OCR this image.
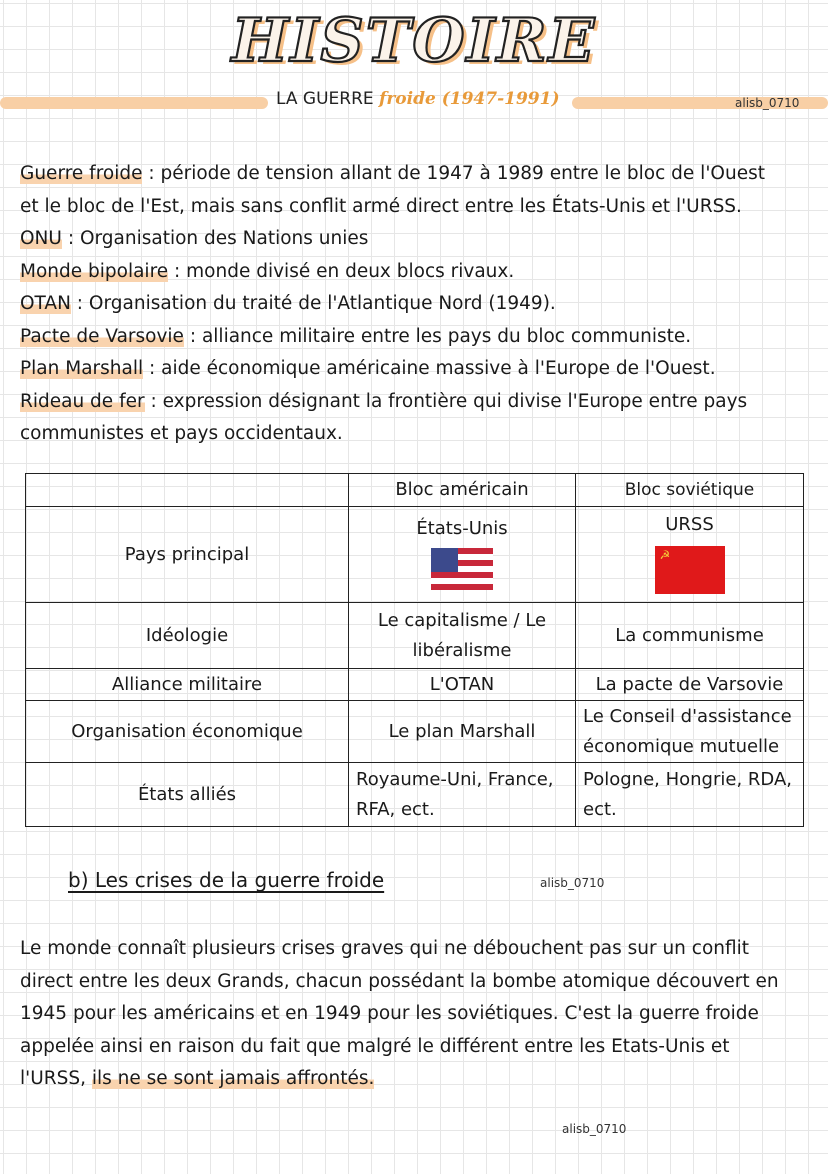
HISTOIRE
LA GUERRE froide (1947-1991)	alisb_0710

Guerre froide : période de tension allant de 1947 à 1989 entre le bloc de l'Ouest

et le bloc de l'Est, mais sans conflit armé direct entre les États-Unis et l'URSS.

ONU : Organisation des Nations unies

Monde bipolaire : monde divisé en deux blocs rivaux.

OTAN : Organisation du traité de l'Atlantique Nord (1949).

Pacte de Varsovie : alliance militaire entre les pays du bloc communiste.

Plan Marshall : aide économique américaine massive à l'Europe de l'Ouest.

Rideau de fer : expression désignant la frontière qui divise l'Europe entre pays

communistes et pays occidentaux.

	Bloc américain	Bloc soviétique
Pays principal	États-Unis	URSS
☭

Idéologie	Le capitalisme / Le libéralisme	La communisme
Alliance militaire	L'OTAN	La pacte de Varsovie
Organisation économique	Le plan Marshall	Le Conseil d'assistance économique mutuelle
États alliés	Royaume-Uni, France, RFA, ect.	Pologne, Hongrie, RDA, ect.
b) Les crises de la guerre froide	alisb_0710

Le monde connaît plusieurs crises graves qui ne débouchent pas sur un conflit

direct entre les deux Grands, chacun possédant la bombe atomique découvert en

1945 pour les américains et en 1949 pour les soviétiques. C'est la guerre froide

appelée ainsi en raison du fait que malgré le différent entre les Etats-Unis et

l'URSS, ils ne se sont jamais affrontés.

alisb_0710
